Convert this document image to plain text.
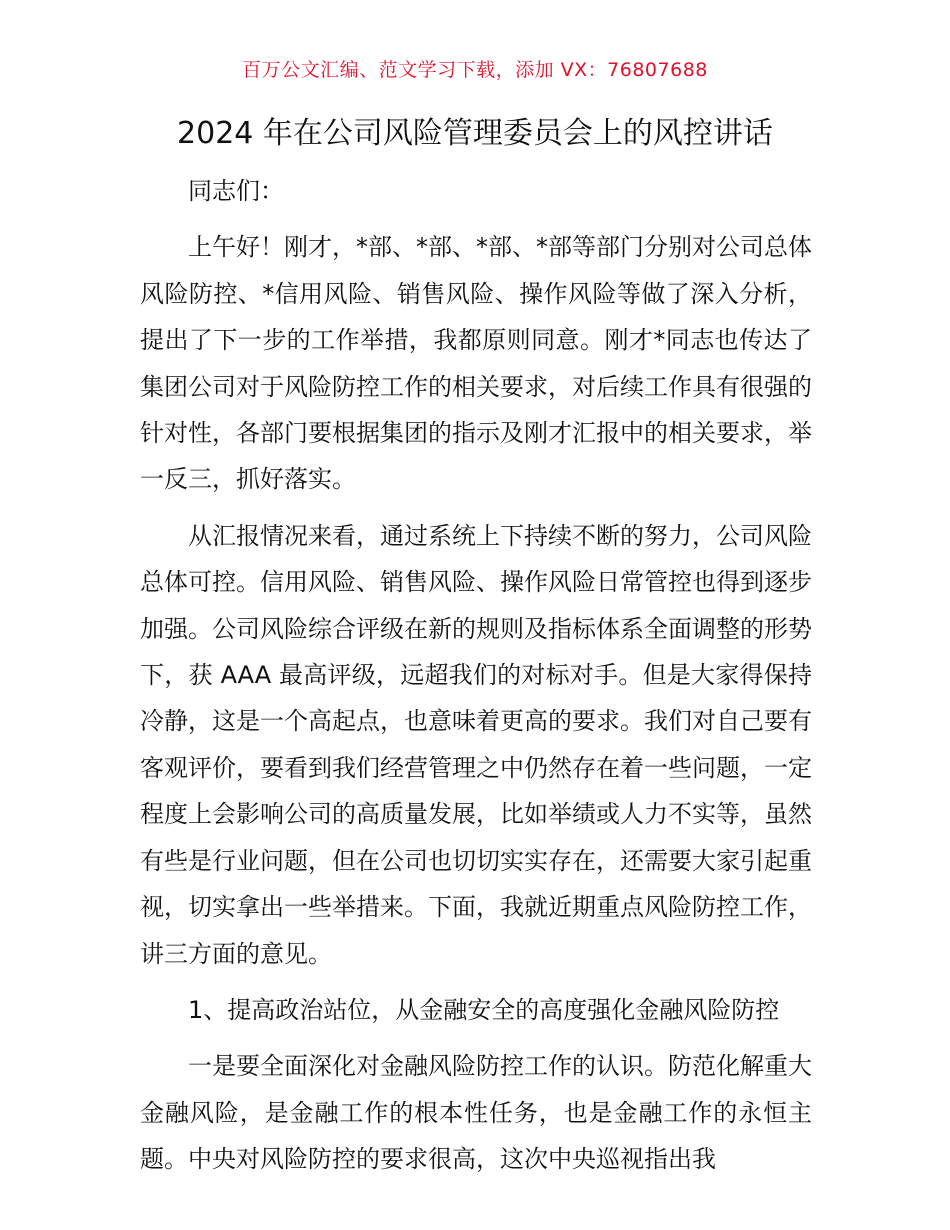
百万公文汇编、范文学习下载，添加 VX：76807688
2024 年在公司风险管理委员会上的风控讲话

同志们：

上午好！刚才，*部、*部、*部、*部等部门分别对公司总体风险防控、*信用风险、销售风险、操作风险等做了深入分析，提出了下一步的工作举措，我都原则同意。刚才*同志也传达了集团公司对于风险防控工作的相关要求，对后续工作具有很强的针对性，各部门要根据集团的指示及刚才汇报中的相关要求，举一反三，抓好落实。

从汇报情况来看，通过系统上下持续不断的努力，公司风险总体可控。信用风险、销售风险、操作风险日常管控也得到逐步加强。公司风险综合评级在新的规则及指标体系全面调整的形势下，获 AAA 最高评级，远超我们的对标对手。但是大家得保持冷静，这是一个高起点，也意味着更高的要求。我们对自己要有客观评价，要看到我们经营管理之中仍然存在着一些问题，一定程度上会影响公司的高质量发展，比如举绩或人力不实等，虽然有些是行业问题，但在公司也切切实实存在，还需要大家引起重视，切实拿出一些举措来。下面，我就近期重点风险防控工作，讲三方面的意见。

1、提高政治站位，从金融安全的高度强化金融风险防控

一是要全面深化对金融风险防控工作的认识。防范化解重大金融风险，是金融工作的根本性任务，也是金融工作的永恒主题。中央对风险防控的要求很高，这次中央巡视指出我
